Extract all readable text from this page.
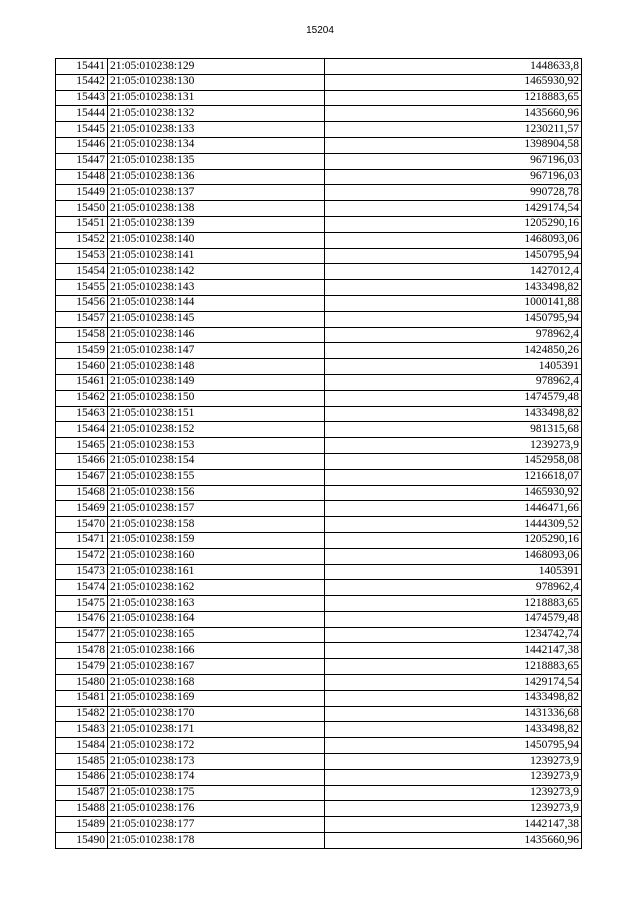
15204
15441	21:05:010238:129	1448633,8
15442	21:05:010238:130	1465930,92
15443	21:05:010238:131	1218883,65
15444	21:05:010238:132	1435660,96
15445	21:05:010238:133	1230211,57
15446	21:05:010238:134	1398904,58
15447	21:05:010238:135	967196,03
15448	21:05:010238:136	967196,03
15449	21:05:010238:137	990728,78
15450	21:05:010238:138	1429174,54
15451	21:05:010238:139	1205290,16
15452	21:05:010238:140	1468093,06
15453	21:05:010238:141	1450795,94
15454	21:05:010238:142	1427012,4
15455	21:05:010238:143	1433498,82
15456	21:05:010238:144	1000141,88
15457	21:05:010238:145	1450795,94
15458	21:05:010238:146	978962,4
15459	21:05:010238:147	1424850,26
15460	21:05:010238:148	1405391
15461	21:05:010238:149	978962,4
15462	21:05:010238:150	1474579,48
15463	21:05:010238:151	1433498,82
15464	21:05:010238:152	981315,68
15465	21:05:010238:153	1239273,9
15466	21:05:010238:154	1452958,08
15467	21:05:010238:155	1216618,07
15468	21:05:010238:156	1465930,92
15469	21:05:010238:157	1446471,66
15470	21:05:010238:158	1444309,52
15471	21:05:010238:159	1205290,16
15472	21:05:010238:160	1468093,06
15473	21:05:010238:161	1405391
15474	21:05:010238:162	978962,4
15475	21:05:010238:163	1218883,65
15476	21:05:010238:164	1474579,48
15477	21:05:010238:165	1234742,74
15478	21:05:010238:166	1442147,38
15479	21:05:010238:167	1218883,65
15480	21:05:010238:168	1429174,54
15481	21:05:010238:169	1433498,82
15482	21:05:010238:170	1431336,68
15483	21:05:010238:171	1433498,82
15484	21:05:010238:172	1450795,94
15485	21:05:010238:173	1239273,9
15486	21:05:010238:174	1239273,9
15487	21:05:010238:175	1239273,9
15488	21:05:010238:176	1239273,9
15489	21:05:010238:177	1442147,38
15490	21:05:010238:178	1435660,96
